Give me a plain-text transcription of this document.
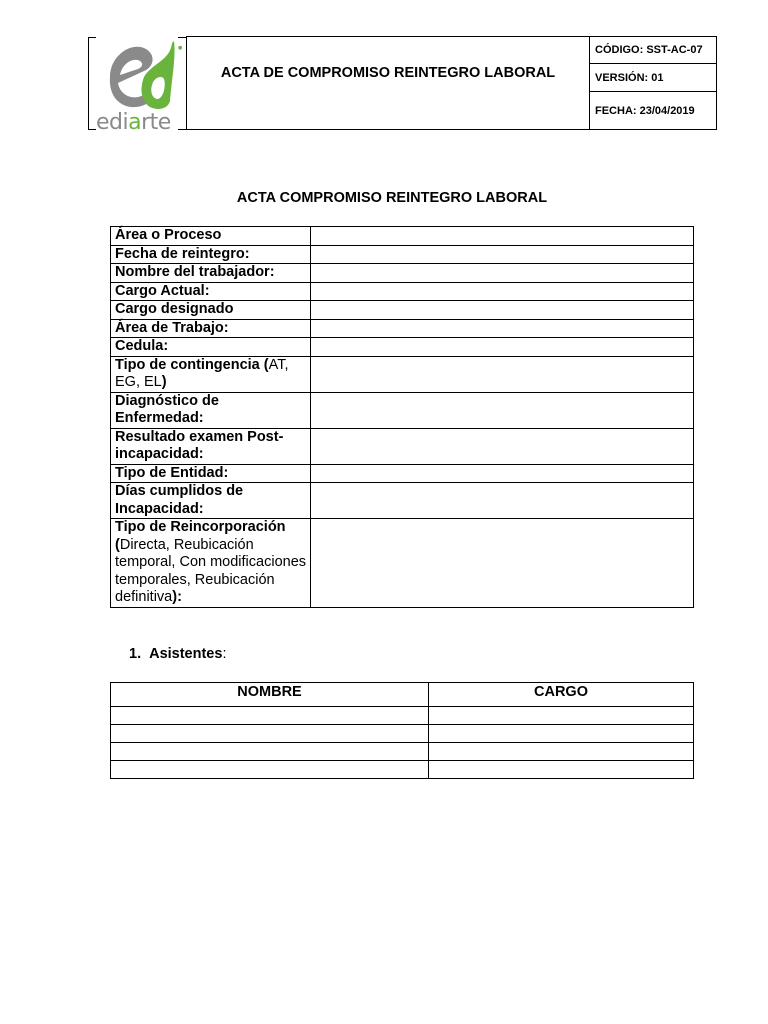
●
ediarte
	ACTA DE COMPROMISO REINTEGRO LABORAL	CÓDIGO: SST-AC-07
VERSIÓN: 01
FECHA: 23/04/2019
ACTA COMPROMISO REINTEGRO LABORAL
Área o Proceso	
Fecha de reintegro:	
Nombre del trabajador:	
Cargo Actual:	
Cargo designado	
Área de Trabajo:	
Cedula:	
Tipo de contingencia (AT, EG, EL)	
Diagnóstico de Enfermedad:	
Resultado examen Post-incapacidad:	
Tipo de Entidad:	
Días cumplidos de Incapacidad:	
Tipo de Reincorporación (Directa, Reubicación temporal, Con modificaciones temporales, Reubicación definitiva):	
1. Asistentes:
NOMBRE	CARGO
